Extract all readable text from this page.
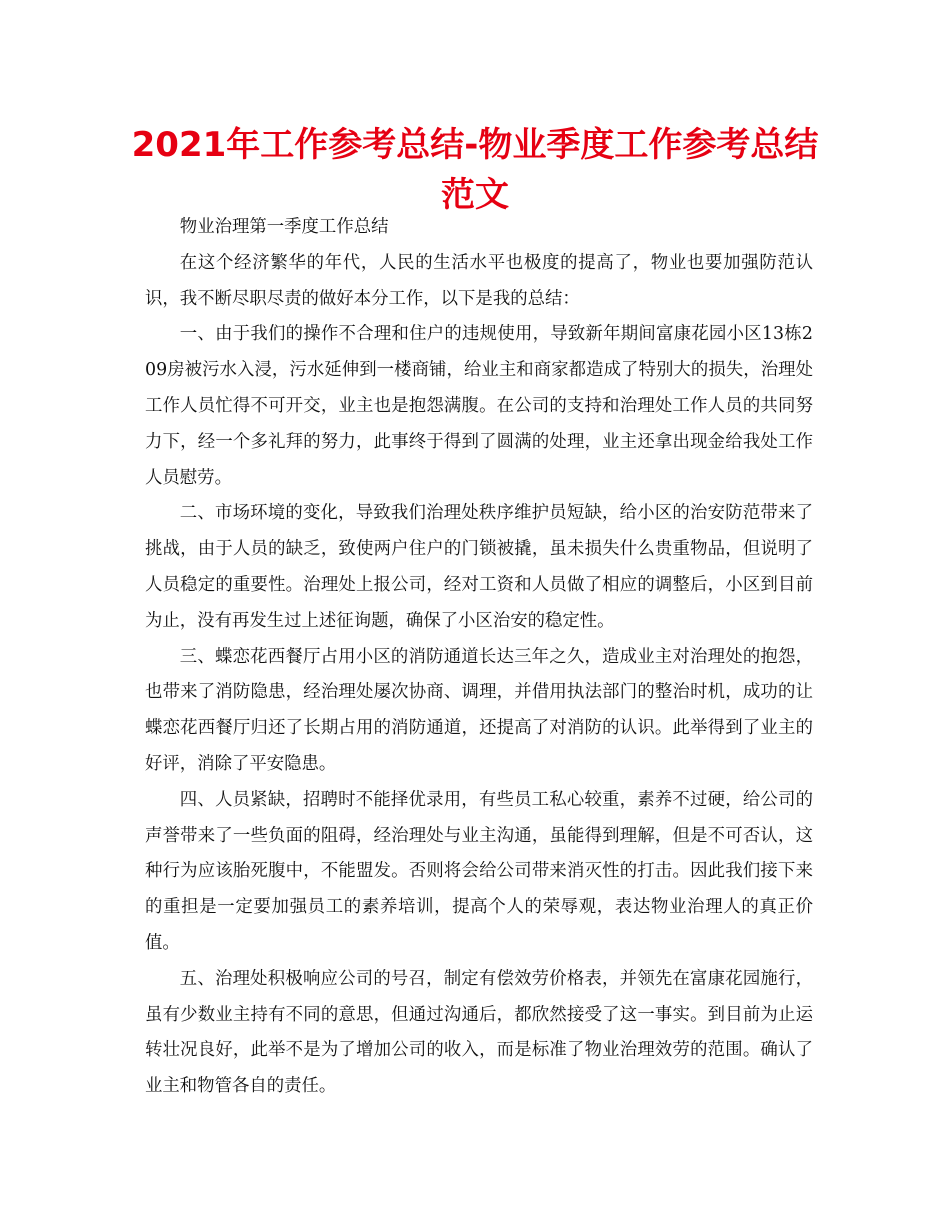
2021年工作参考总结-物业季度工作参考总结范文

物业治理第一季度工作总结

在这个经济繁华的年代，人民的生活水平也极度的提高了，物业也要加强防范认识，我不断尽职尽责的做好本分工作，以下是我的总结：

一、由于我们的操作不合理和住户的违规使用，导致新年期间富康花园小区13栋209房被污水入浸，污水延伸到一楼商铺，给业主和商家都造成了特别大的损失，治理处工作人员忙得不可开交，业主也是抱怨满腹。在公司的支持和治理处工作人员的共同努力下，经一个多礼拜的努力，此事终于得到了圆满的处理，业主还拿出现金给我处工作人员慰劳。

二、市场环境的变化，导致我们治理处秩序维护员短缺，给小区的治安防范带来了挑战，由于人员的缺乏，致使两户住户的门锁被撬，虽未损失什么贵重物品，但说明了人员稳定的重要性。治理处上报公司，经对工资和人员做了相应的调整后，小区到目前为止，没有再发生过上述征询题，确保了小区治安的稳定性。

三、蝶恋花西餐厅占用小区的消防通道长达三年之久，造成业主对治理处的抱怨，也带来了消防隐患，经治理处屡次协商、调理，并借用执法部门的整治时机，成功的让蝶恋花西餐厅归还了长期占用的消防通道，还提高了对消防的认识。此举得到了业主的好评，消除了平安隐患。

四、人员紧缺，招聘时不能择优录用，有些员工私心较重，素养不过硬，给公司的声誉带来了一些负面的阻碍，经治理处与业主沟通，虽能得到理解，但是不可否认，这种行为应该胎死腹中，不能盟发。否则将会给公司带来消灭性的打击。因此我们接下来的重担是一定要加强员工的素养培训，提高个人的荣辱观，表达物业治理人的真正价值。

五、治理处积极响应公司的号召，制定有偿效劳价格表，并领先在富康花园施行，虽有少数业主持有不同的意思，但通过沟通后，都欣然接受了这一事实。到目前为止运转壮况良好，此举不是为了增加公司的收入，而是标准了物业治理效劳的范围。确认了业主和物管各自的责任。
